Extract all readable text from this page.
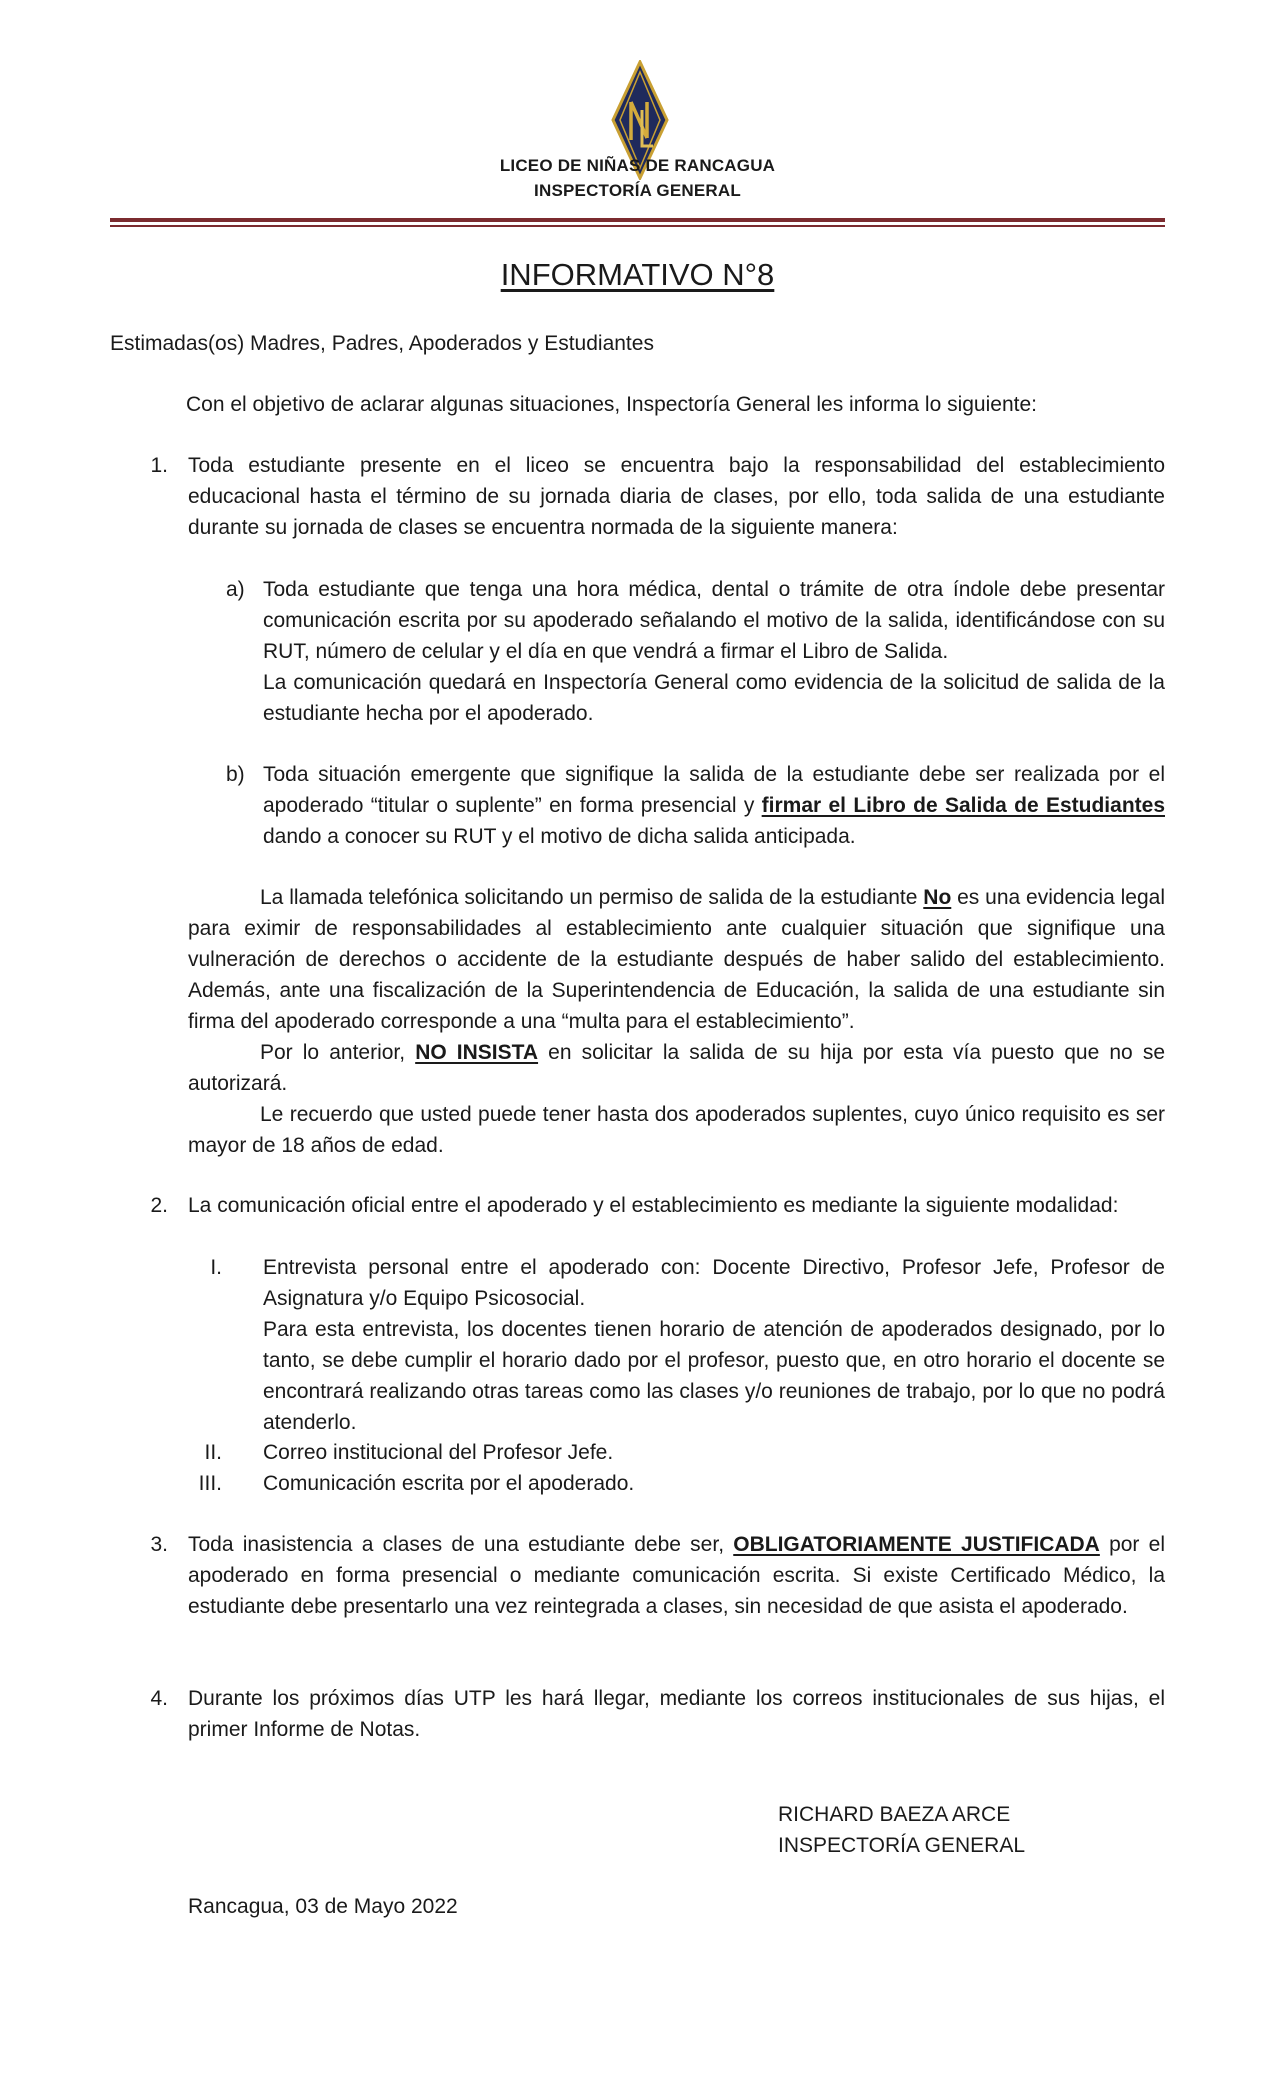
LICEO DE NIÑAS DE RANCAGUA
INSPECTORÍA GENERAL
INFORMATIVO N°8
Estimadas(os) Madres, Padres, Apoderados y Estudiantes
Con el objetivo de aclarar algunas situaciones, Inspectoría General les informa lo siguiente:
1. Toda estudiante presente en el liceo se encuentra bajo la responsabilidad del establecimiento educacional hasta el término de su jornada diaria de clases, por ello, toda salida de una estudiante durante su jornada de clases se encuentra normada de la siguiente manera:
a) Toda estudiante que tenga una hora médica, dental o trámite de otra índole debe presentar comunicación escrita por su apoderado señalando el motivo de la salida, identificándose con su RUT, número de celular y el día en que vendrá a firmar el Libro de Salida.
La comunicación quedará en Inspectoría General como evidencia de la solicitud de salida de la estudiante hecha por el apoderado.
b) Toda situación emergente que signifique la salida de la estudiante debe ser realizada por el apoderado “titular o suplente” en forma presencial y firmar el Libro de Salida de Estudiantes dando a conocer su RUT y el motivo de dicha salida anticipada.
La llamada telefónica solicitando un permiso de salida de la estudiante No es una evidencia legal para eximir de responsabilidades al establecimiento ante cualquier situación que signifique una vulneración de derechos o accidente de la estudiante después de haber salido del establecimiento. Además, ante una fiscalización de la Superintendencia de Educación, la salida de una estudiante sin firma del apoderado corresponde a una “multa para el establecimiento”.
Por lo anterior, NO INSISTA en solicitar la salida de su hija por esta vía puesto que no se autorizará.
Le recuerdo que usted puede tener hasta dos apoderados suplentes, cuyo único requisito es ser mayor de 18 años de edad.
2. La comunicación oficial entre el apoderado y el establecimiento es mediante la siguiente modalidad:
I. Entrevista personal entre el apoderado con: Docente Directivo, Profesor Jefe, Profesor de Asignatura y/o Equipo Psicosocial.
Para esta entrevista, los docentes tienen horario de atención de apoderados designado, por lo tanto, se debe cumplir el horario dado por el profesor, puesto que, en otro horario el docente se encontrará realizando otras tareas como las clases y/o reuniones de trabajo, por lo que no podrá atenderlo.
II. Correo institucional del Profesor Jefe.
III. Comunicación escrita por el apoderado.
3. Toda inasistencia a clases de una estudiante debe ser, OBLIGATORIAMENTE JUSTIFICADA por el apoderado en forma presencial o mediante comunicación escrita. Si existe Certificado Médico, la estudiante debe presentarlo una vez reintegrada a clases, sin necesidad de que asista el apoderado.
4. Durante los próximos días UTP les hará llegar, mediante los correos institucionales de sus hijas, el primer Informe de Notas.
RICHARD BAEZA ARCE
INSPECTORÍA GENERAL
Rancagua, 03 de Mayo 2022
